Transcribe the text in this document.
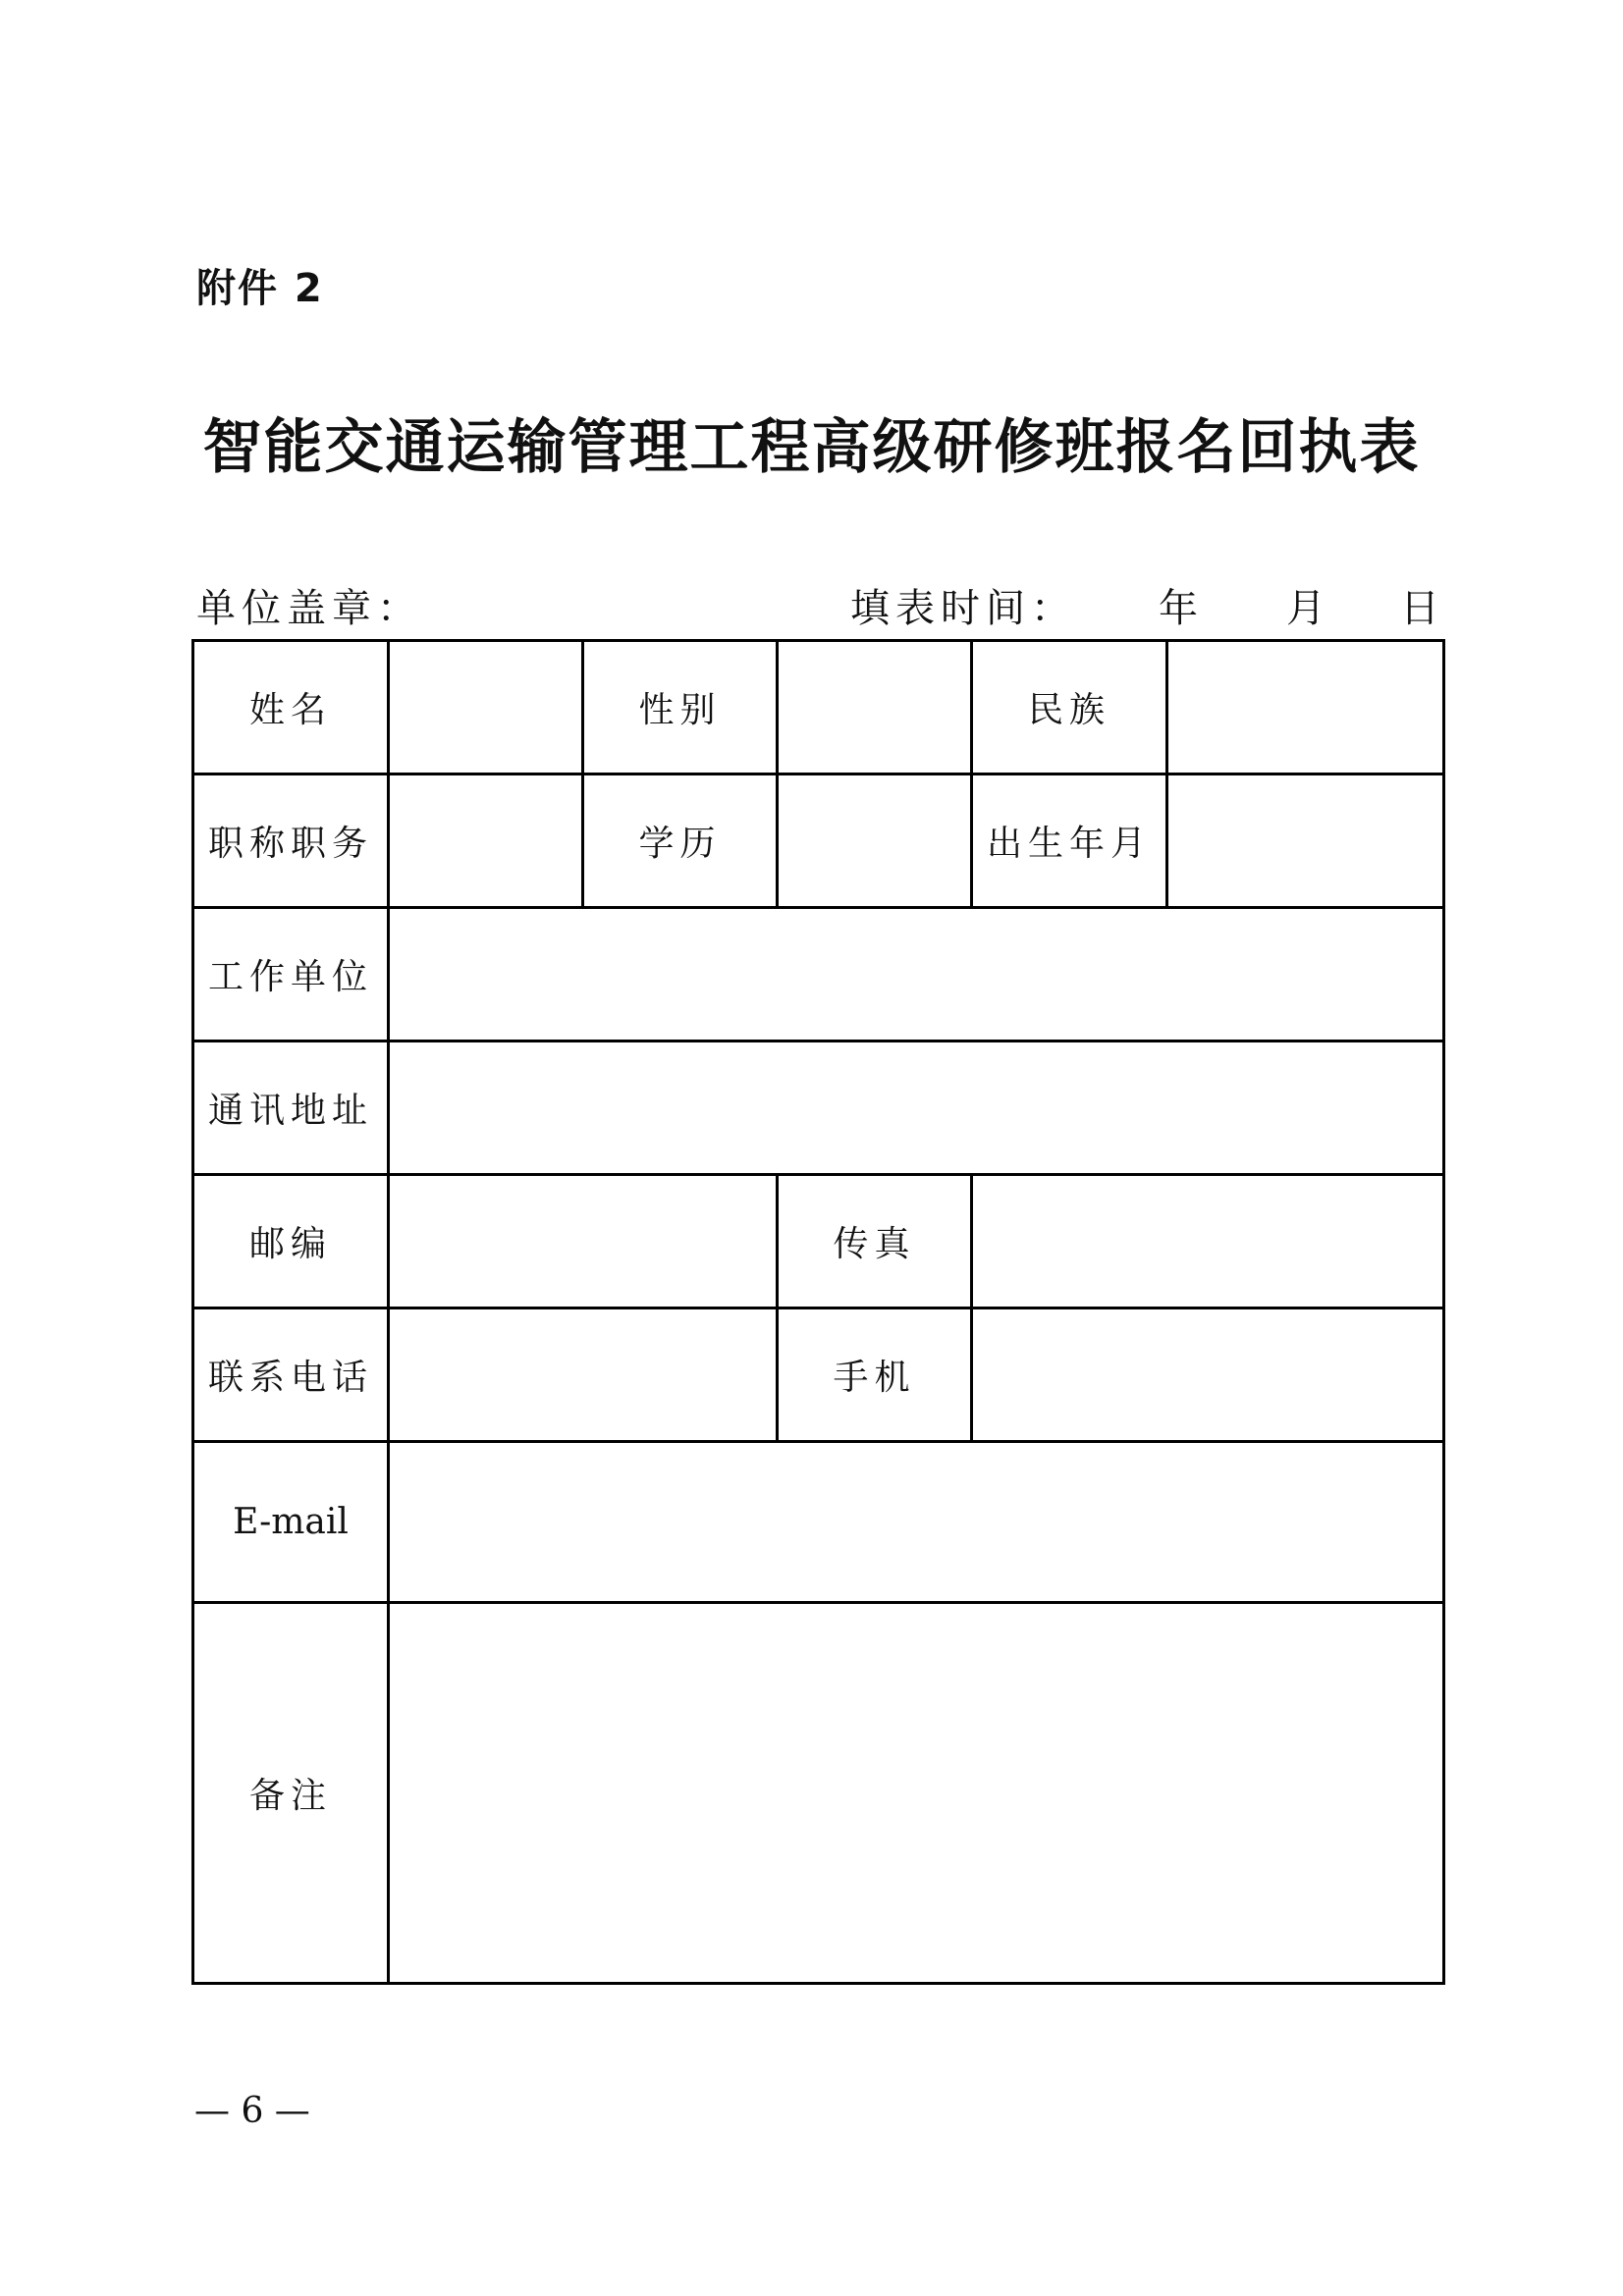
附件 2
智能交通运输管理工程高级研修班报名回执表
单位盖章：	填表时间： 年 月 日
姓名		性别		民族	
职称职务		学历		出生年月	
工作单位					
通讯地址					
邮编			传真		
联系电话			手机		
E-mail					
备注					
— 6 —
